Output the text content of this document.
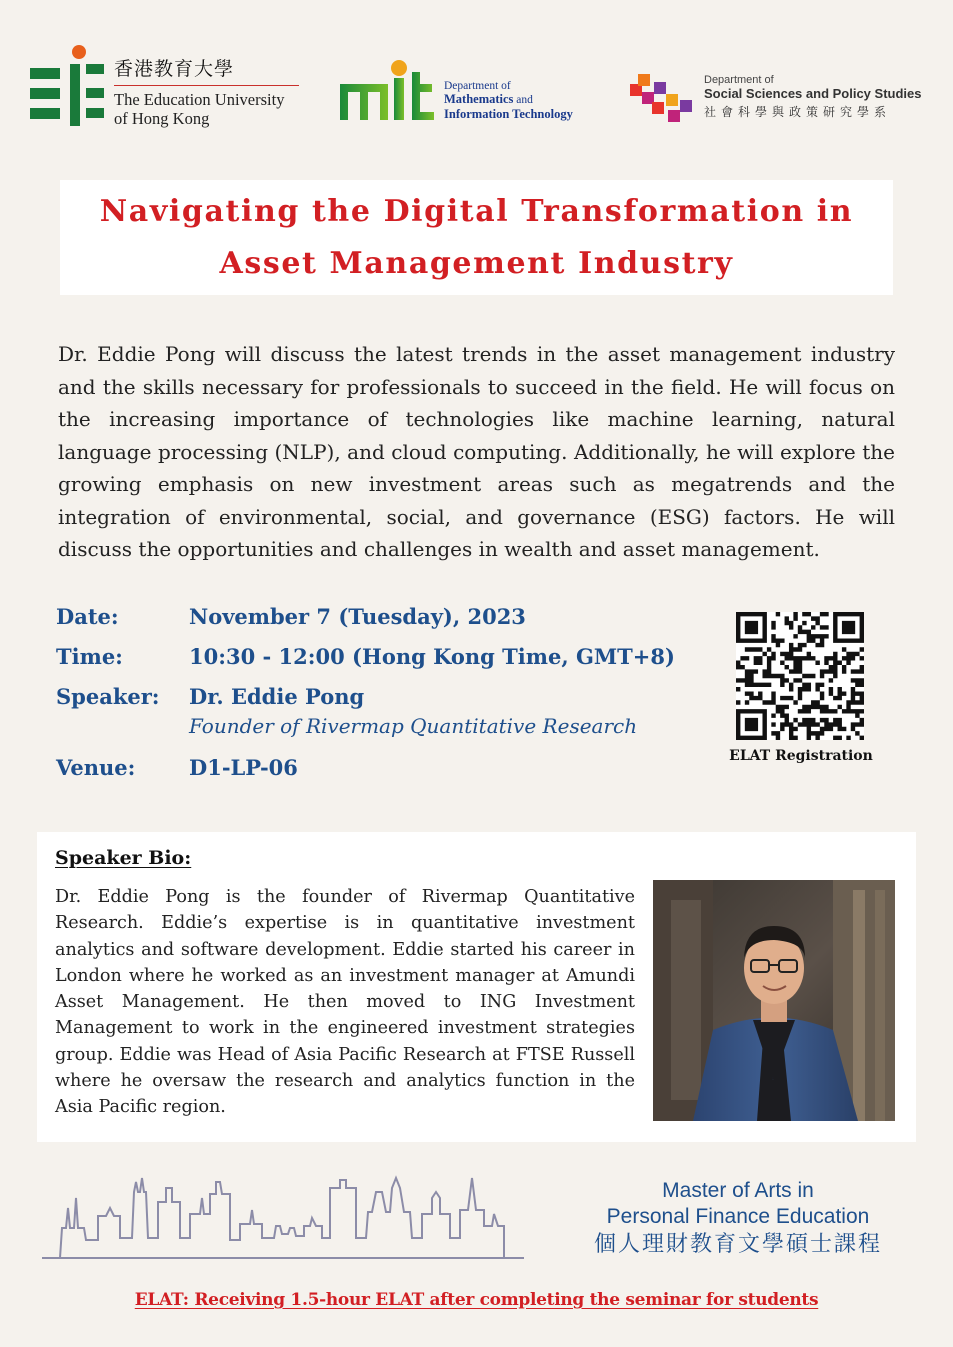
香港教育大學
The Education University
of Hong Kong
Department of
Mathematics and
Information Technology
Department of
Social Sciences and Policy Studies
社會科學與政策研究學系
Navigating the Digital Transformation in
Asset Management Industry
Dr. Eddie Pong will discuss the latest trends in the asset management industry and the skills necessary for professionals to succeed in the field. He will focus on the increasing importance of technologies like machine learning, natural language processing (NLP), and cloud computing. Additionally, he will explore the growing emphasis on new investment areas such as megatrends and the integration of environmental, social, and governance (ESG) factors. He will discuss the opportunities and challenges in wealth and asset management.
Date:	November 7 (Tuesday), 2023
Time:	10:30 - 12:00 (Hong Kong Time, GMT+8)
Speaker: Dr. Eddie Pong
Founder of Rivermap Quantitative Research
Venue:	D1-LP-06	ELAT Registration
Speaker Bio:
Dr. Eddie Pong is the founder of Rivermap Quantitative Research. Eddie’s expertise is in quantitative investment analytics and software development. Eddie started his career in London where he worked as an investment manager at Amundi Asset Management. He then moved to ING Investment Management to work in the engineered investment strategies group. Eddie was Head of Asia Pacific Research at FTSE Russell where he oversaw the research and analytics function in the Asia Pacific region.
Master of Arts in
Personal Finance Education
個人理財教育文學碩士課程
ELAT: Receiving 1.5-hour ELAT after completing the seminar for students
